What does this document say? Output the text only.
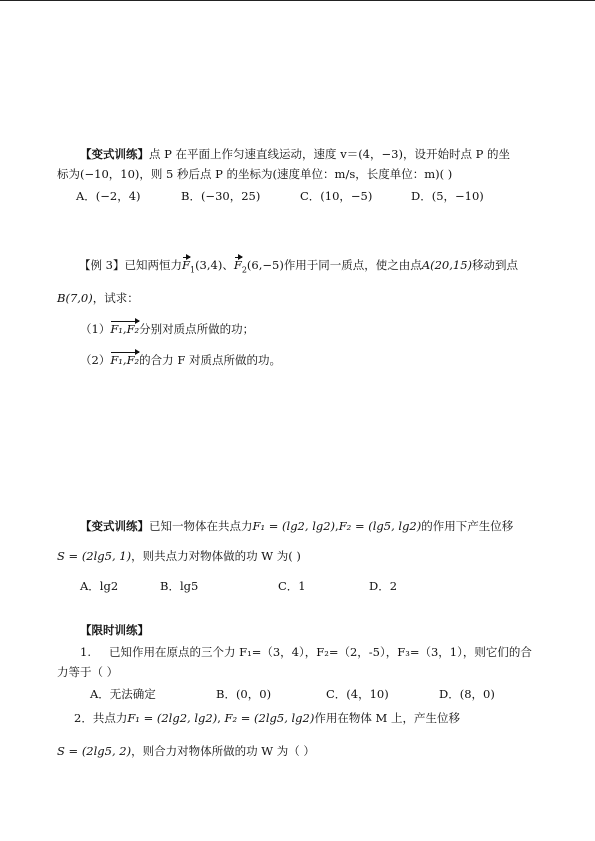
【变式训练】点 P 在平面上作匀速直线运动，速度 v＝(4，−3)，设开始时点 P 的坐
标为(−10，10)，则 5 秒后点 P 的坐标为(速度单位：m/s，长度单位：m)( )
A．(−2，4)	B．(−30，25)	C．(10，−5)	D．(5，−10)
【例 3】已知两恒力$F_1(3,4)$、$F_2(6,-5)$作用于同一质点，使之由点A(20,15)移动到点
B(7,0)，试求：
（1）F₁,F₂分别对质点所做的功；
（2）F₁,F₂的合力 F 对质点所做的功。
【变式训练】已知一物体在共点力F₁ = (lg2, lg2),F₂ = (lg5, lg2)的作用下产生位移
S = (2lg5, 1)，则共点力对物体做的功 W 为( )
A．lg2	B．lg5	C．1	D．2
【限时训练】
1. 已知作用在原点的三个力 F₁=（3，4），F₂=（2，-5），F₃=（3，1），则它们的合
力等于（ ）
A．无法确定	B．(0，0)	C．(4，10)	D．(8，0)
2．共点力F₁ = (2lg2, lg2), F₂ = (2lg5, lg2)作用在物体 M 上，产生位移
S = (2lg5, 2)，则合力对物体所做的功 W 为（ ）
